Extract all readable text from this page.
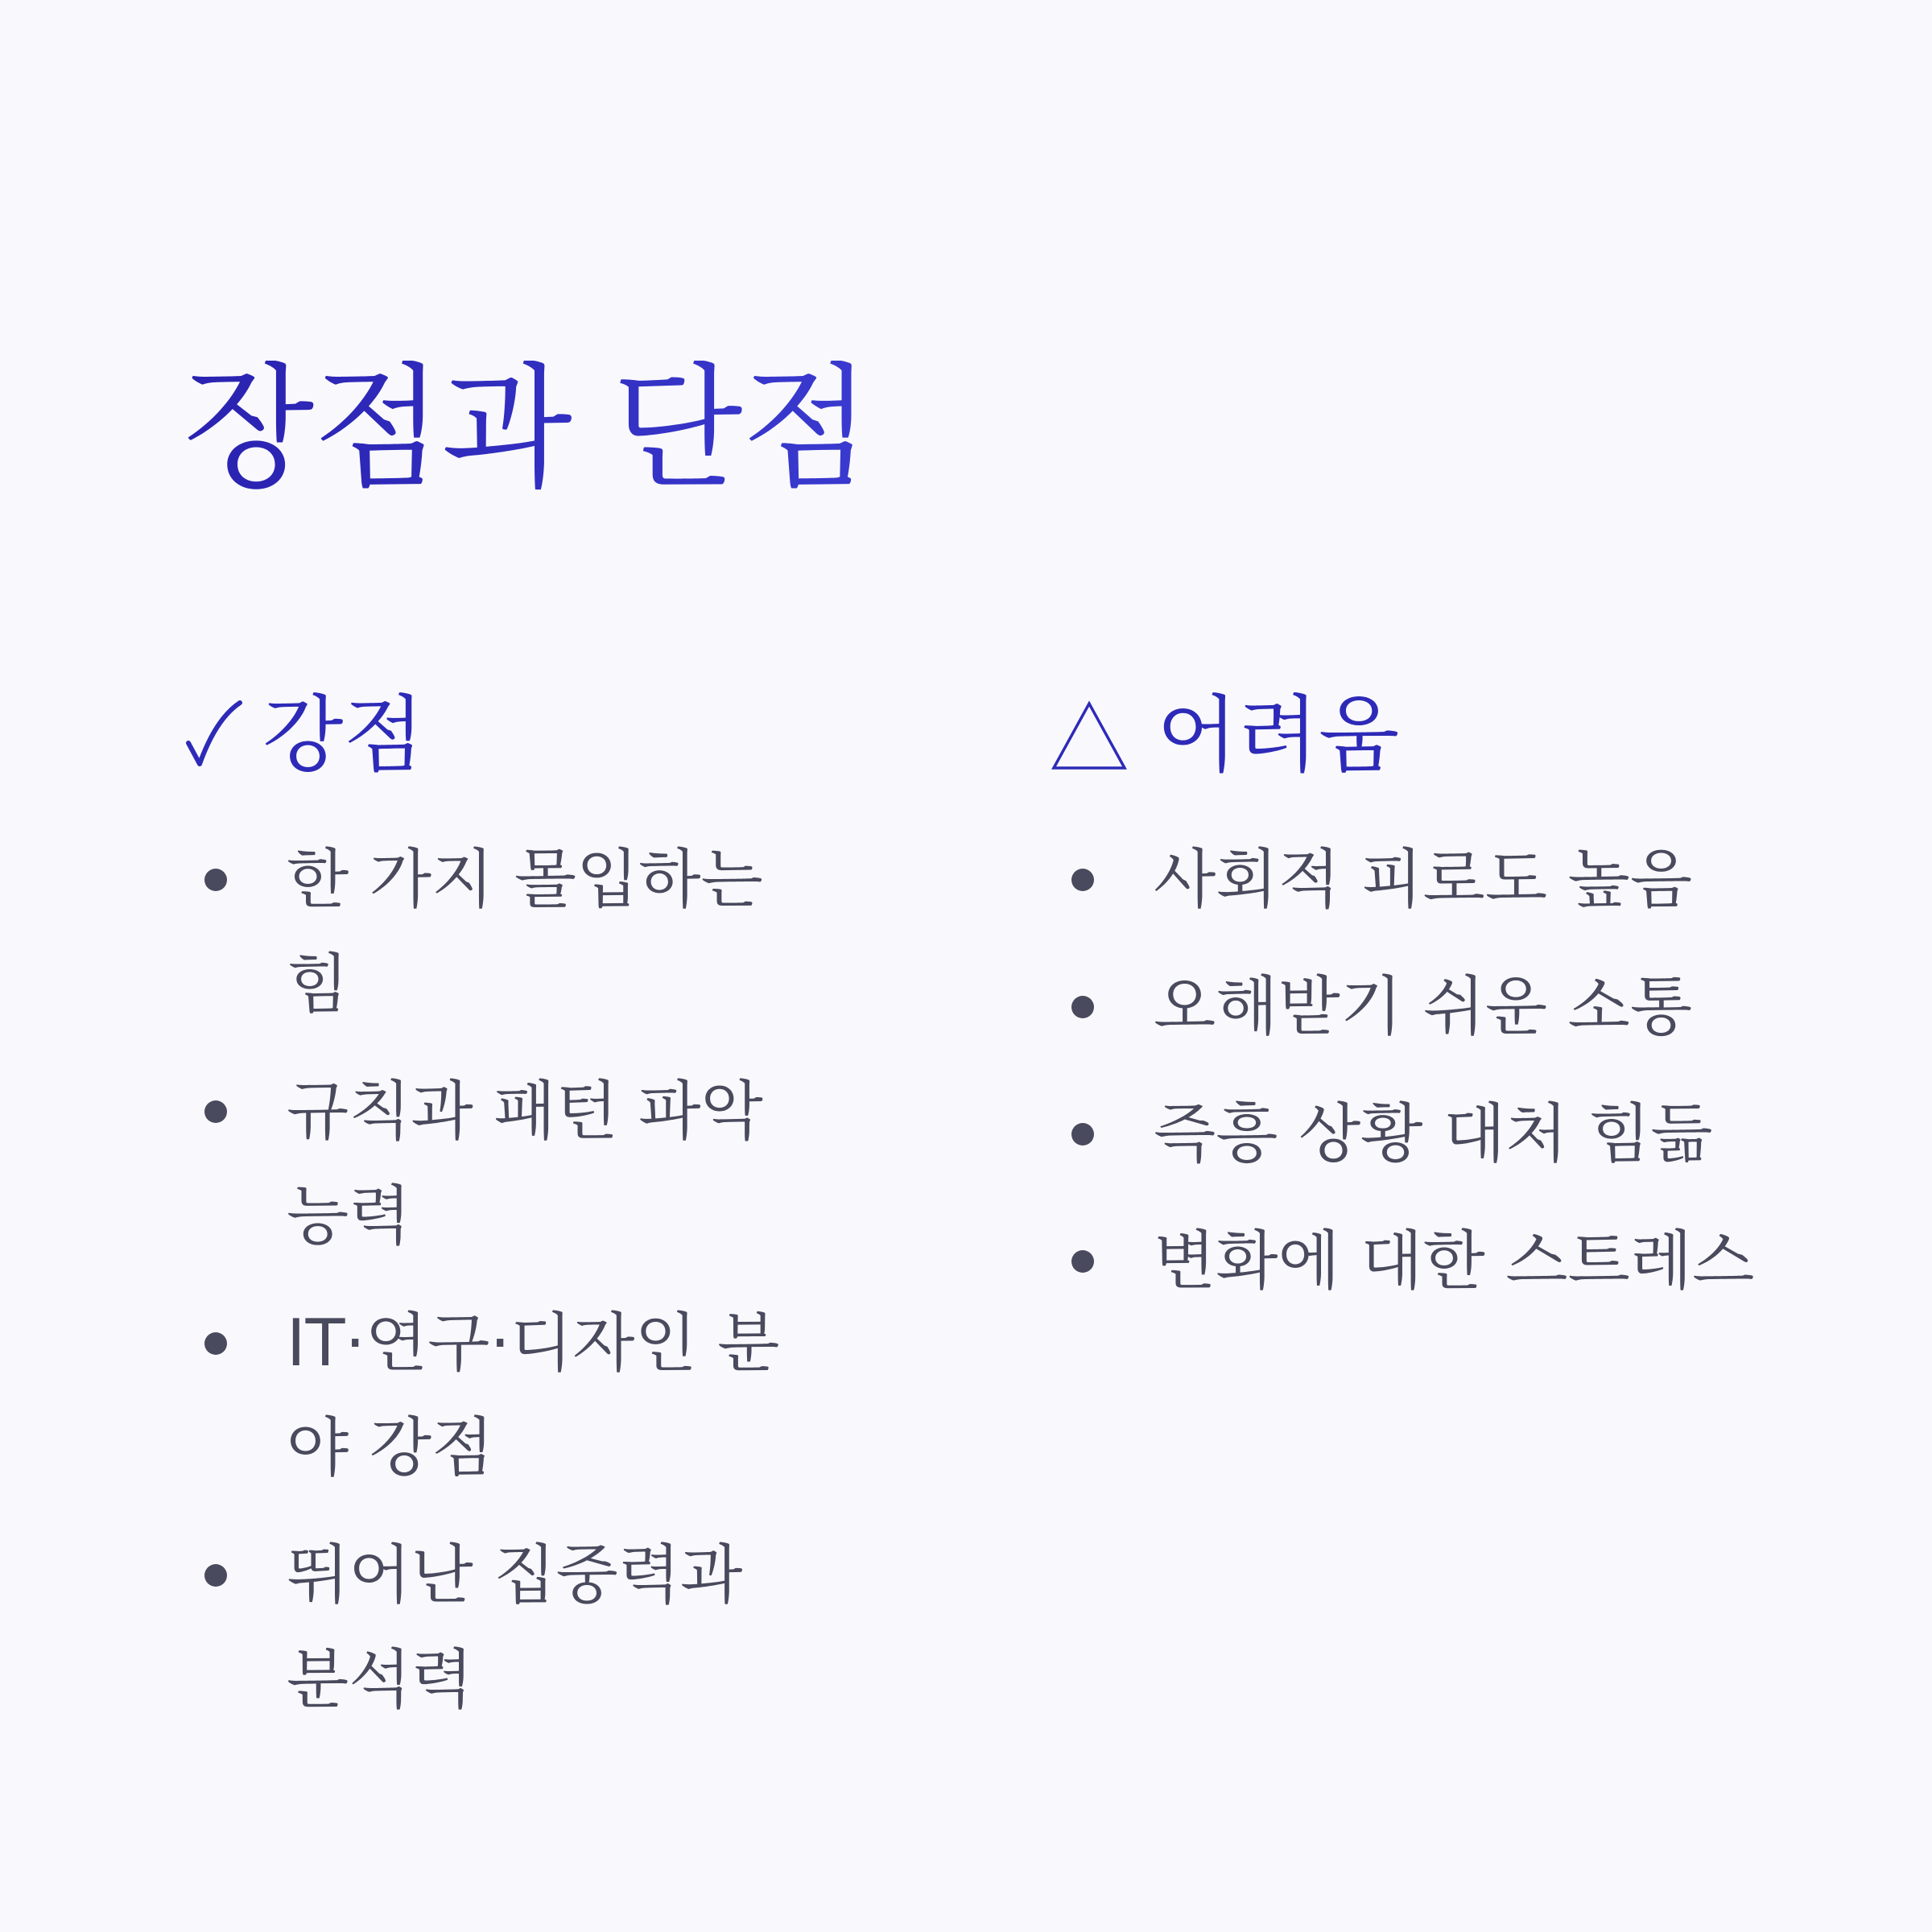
장점과 단점
강점
한 가지 몰입하는 힘
규칙과 패턴 파악 능력
IT·연구·디자인 분야 강점
뛰어난 집중력과 분석력
어려움
사회적 피로도 높음
오해받기 쉬운 소통
즉흥 상황 대처 힘듦
변화에 대한 스트레스
